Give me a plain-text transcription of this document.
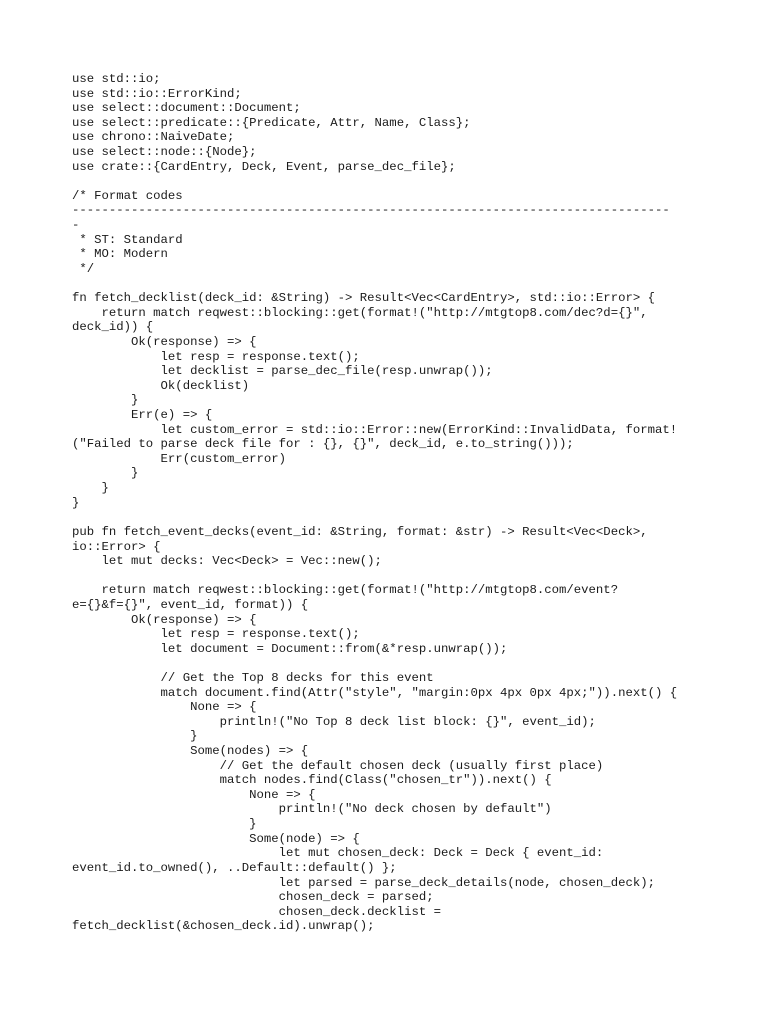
use std::io;
use std::io::ErrorKind;
use select::document::Document;
use select::predicate::{Predicate, Attr, Name, Class};
use chrono::NaiveDate;
use select::node::{Node};
use crate::{CardEntry, Deck, Event, parse_dec_file};
/* Format codes
---------------------------------------------------------------------------------
-
* ST: Standard
* MO: Modern
*/
fn fetch_decklist(deck_id: &String) -> Result<Vec<CardEntry>, std::io::Error> {
return match reqwest::blocking::get(format!("http://mtgtop8.com/dec?d={}",
deck_id)) {
Ok(response) => {
let resp = response.text();
let decklist = parse_dec_file(resp.unwrap());
Ok(decklist)
}
Err(e) => {
let custom_error = std::io::Error::new(ErrorKind::InvalidData, format!
("Failed to parse deck file for : {}, {}", deck_id, e.to_string()));
Err(custom_error)
}
}
}
pub fn fetch_event_decks(event_id: &String, format: &str) -> Result<Vec<Deck>,
io::Error> {
let mut decks: Vec<Deck> = Vec::new();
return match reqwest::blocking::get(format!("http://mtgtop8.com/event?
e={}&f={}", event_id, format)) {
Ok(response) => {
let resp = response.text();
let document = Document::from(&*resp.unwrap());
// Get the Top 8 decks for this event
match document.find(Attr("style", "margin:0px 4px 0px 4px;")).next() {
None => {
println!("No Top 8 deck list block: {}", event_id);
}
Some(nodes) => {
// Get the default chosen deck (usually first place)
match nodes.find(Class("chosen_tr")).next() {
None => {
println!("No deck chosen by default")
}
Some(node) => {
let mut chosen_deck: Deck = Deck { event_id:
event_id.to_owned(), ..Default::default() };
let parsed = parse_deck_details(node, chosen_deck);
chosen_deck = parsed;
chosen_deck.decklist =
fetch_decklist(&chosen_deck.id).unwrap();
